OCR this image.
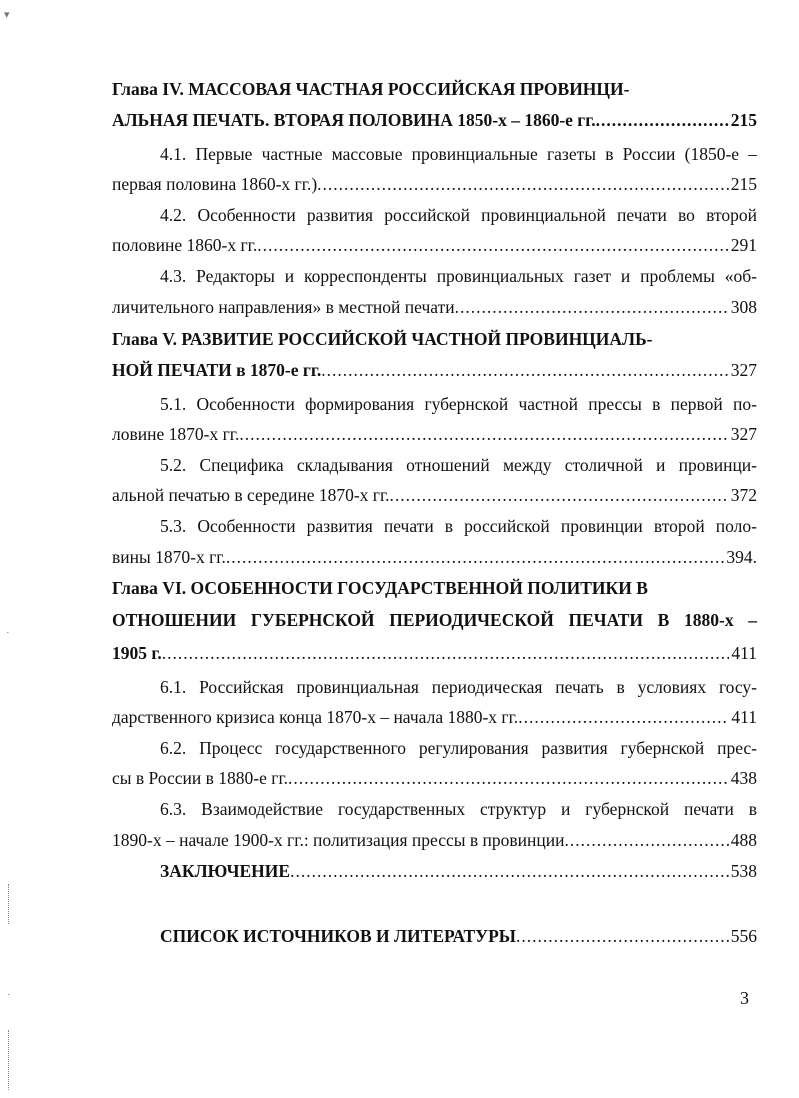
Глава IV. МАССОВАЯ ЧАСТНАЯ РОССИЙСКАЯ ПРОВИНЦИ-
АЛЬНАЯ ПЕЧАТЬ. ВТОРАЯ ПОЛОВИНА 1850-х – 1860-е гг. .....	215
4.1. Первые частные массовые провинциальные газеты в России (1850-е –
первая половина 1860-х гг.) .....	215
4.2. Особенности развития российской провинциальной печати во второй
половине 1860-х гг. .....	291
4.3. Редакторы и корреспонденты провинциальных газет и проблемы «об-
личительного направления» в местной печати .....	308
Глава V. РАЗВИТИЕ РОССИЙСКОЙ ЧАСТНОЙ ПРОВИНЦИАЛЬ-
НОЙ ПЕЧАТИ в 1870-е гг. .....	327
5.1. Особенности формирования губернской частной прессы в первой по-
ловине 1870-х гг. .....	327
5.2. Специфика складывания отношений между столичной и провинци-
альной печатью в середине 1870-х гг. .....	372
5.3. Особенности развития печати в российской провинции второй поло-
вины 1870-х гг. .....	394.
Глава VI. ОСОБЕННОСТИ ГОСУДАРСТВЕННОЙ ПОЛИТИКИ В
ОТНОШЕНИИ ГУБЕРНСКОЙ ПЕРИОДИЧЕСКОЙ ПЕЧАТИ В 1880-х –
1905 г. .....	411
6.1. Российская провинциальная периодическая печать в условиях госу-
дарственного кризиса конца 1870-х – начала 1880-х гг. .....	411
6.2. Процесс государственного регулирования развития губернской прес-
сы в России в 1880-е гг. .....	438
6.3. Взаимодействие государственных структур и губернской печати в
1890-х – начале 1900-х гг.: политизация прессы в провинции .....	488
ЗАКЛЮЧЕНИЕ .....	538
СПИСОК ИСТОЧНИКОВ И ЛИТЕРАТУРЫ .....	556
3
▾
·
·
